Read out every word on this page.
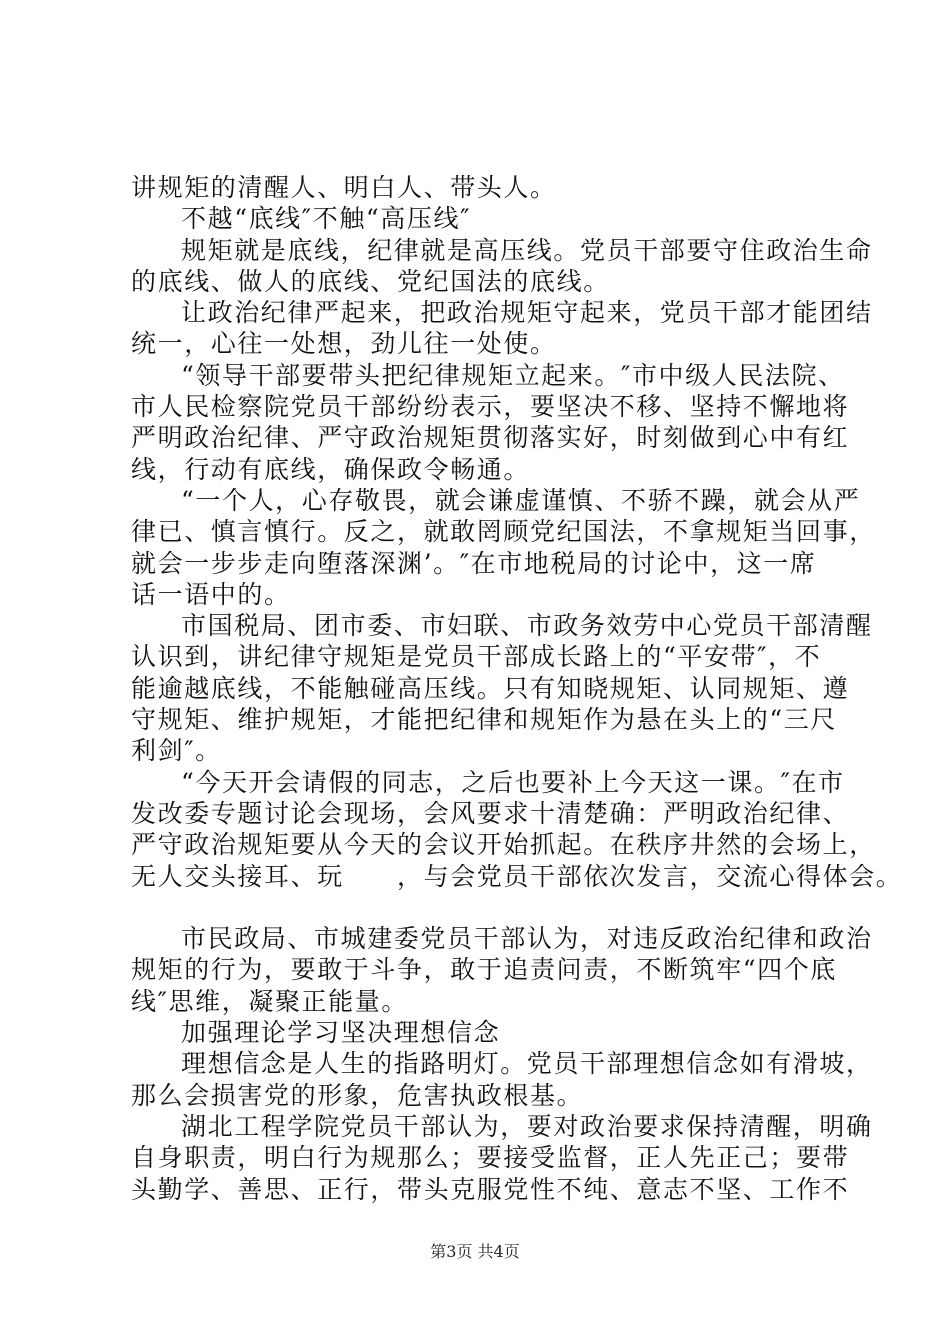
讲规矩的清醒人、明白人、带头人。
不越“底线″不触“高压线″
规矩就是底线，纪律就是高压线。党员干部要守住政治生命
的底线、做人的底线、党纪国法的底线。
让政治纪律严起来，把政治规矩守起来，党员干部才能团结
统一，心往一处想，劲儿往一处使。
“领导干部要带头把纪律规矩立起来。″市中级人民法院、
市人民检察院党员干部纷纷表示，要坚决不移、坚持不懈地将
严明政治纪律、严守政治规矩贯彻落实好，时刻做到心中有红
线，行动有底线，确保政令畅通。
“一个人，心存敬畏，就会谦虚谨慎、不骄不躁，就会从严
律已、慎言慎行。反之，就敢罔顾党纪国法，不拿规矩当回事，
就会一步步走向堕落深渊’。″在市地税局的讨论中，这一席
话一语中的。
市国税局、团市委、市妇联、市政务效劳中心党员干部清醒
认识到，讲纪律守规矩是党员干部成长路上的“平安带″，不
能逾越底线，不能触碰高压线。只有知晓规矩、认同规矩、遵
守规矩、维护规矩，才能把纪律和规矩作为悬在头上的“三尺
利剑″。
“今天开会请假的同志，之后也要补上今天这一课。″在市
发改委专题讨论会现场，会风要求十清楚确：严明政治纪律、
严守政治规矩要从今天的会议开始抓起。在秩序井然的会场上，
无人交头接耳、玩　　，与会党员干部依次发言，交流心得体会。
市民政局、市城建委党员干部认为，对违反政治纪律和政治
规矩的行为，要敢于斗争，敢于追责问责，不断筑牢“四个底
线″思维，凝聚正能量。
加强理论学习坚决理想信念
理想信念是人生的指路明灯。党员干部理想信念如有滑坡，
那么会损害党的形象，危害执政根基。
湖北工程学院党员干部认为，要对政治要求保持清醒，明确
自身职责，明白行为规那么；要接受监督，正人先正己；要带
头勤学、善思、正行，带头克服党性不纯、意志不坚、工作不
第3页 共4页
